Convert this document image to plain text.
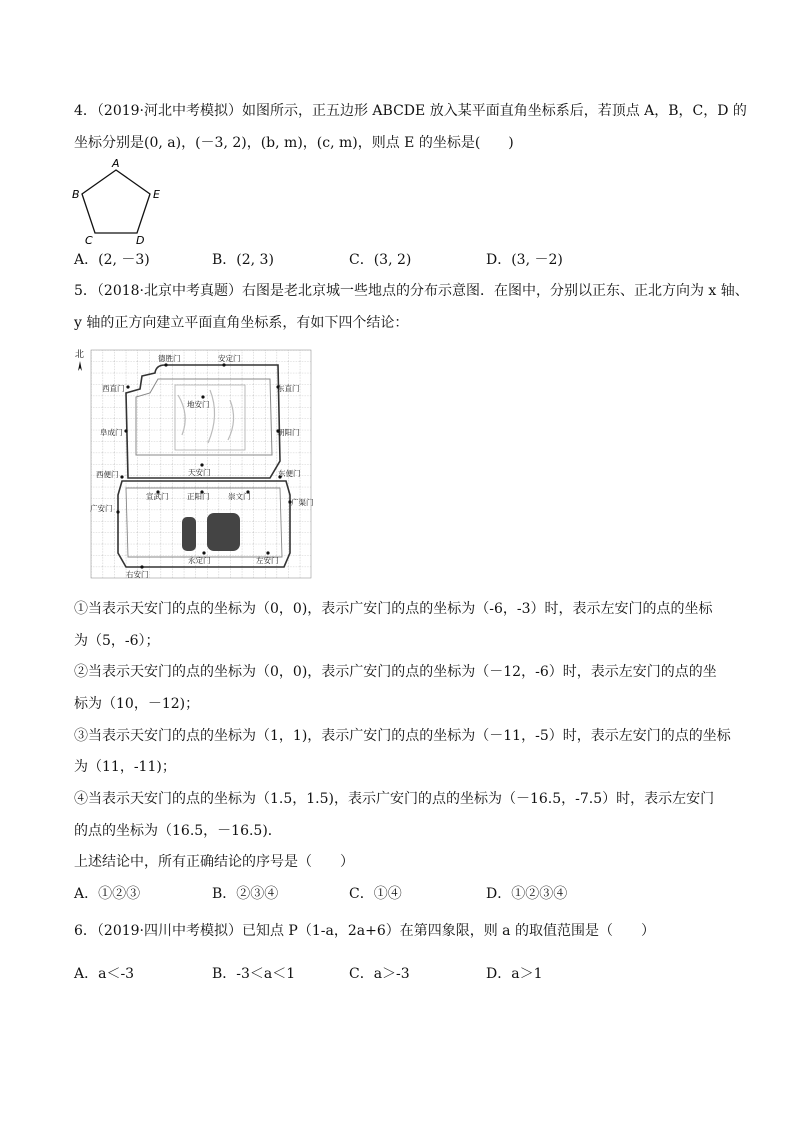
4．（2019·河北中考模拟）如图所示，正五边形 ABCDE 放入某平面直角坐标系后，若顶点 A，B，C，D 的
坐标分别是(0, a)，(－3, 2)，(b, m)，(c, m)，则点 E 的坐标是(　　)
A
B	E
C	D
A．(2, －3)	B．(2, 3)	C．(3, 2)	D．(3, －2)
5．（2018·北京中考真题）右图是老北京城一些地点的分布示意图．在图中，分别以正东、正北方向为 x 轴、
y 轴的正方向建立平面直角坐标系，有如下四个结论：
北	德胜门	安定门
西直门	东直门
阜成门
地安门
朝阳门
天安门
西便门	东便门
宣武门 正阳门 崇文门
广安门
广渠门
右安门
永定门	左安门
①当表示天安门的点的坐标为（0，0)，表示广安门的点的坐标为（-6，-3）时，表示左安门的点的坐标
为（5，-6）；
②当表示天安门的点的坐标为（0，0)，表示广安门的点的坐标为（－12，-6）时，表示左安门的点的坐
标为（10，－12)；
③当表示天安门的点的坐标为（1，1)，表示广安门的点的坐标为（－11，-5）时，表示左安门的点的坐标
为（11，-11)；
④当表示天安门的点的坐标为（1.5，1.5)，表示广安门的点的坐标为（－16.5，-7.5）时，表示左安门
的点的坐标为（16.5，－16.5)．
上述结论中，所有正确结论的序号是（　　）
A．①②③	B．②③④	C．①④	D．①②③④
6．（2019·四川中考模拟）已知点 P（1-a，2a+6）在第四象限，则 a 的取值范围是（　　）
A．a＜-3	B．-3＜a＜1	C．a＞-3	D．a＞1
